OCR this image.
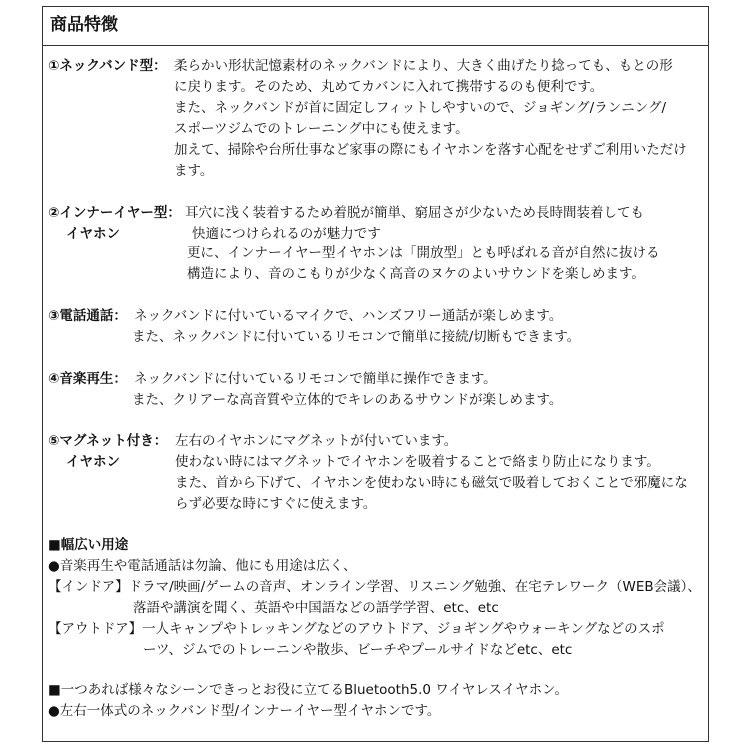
商品特徴
①ネックバンド型： 柔らかい形状記憶素材のネックバンドにより、大きく曲げたり捻っても、もとの形
に戻ります。そのため、丸めてカバンに入れて携帯するのも便利です。
また、ネックバンドが首に固定しフィットしやすいので、ジョギング/ランニング/
スポーツジムでのトレーニング中にも使えます。
加えて、掃除や台所仕事など家事の際にもイヤホンを落す心配をせずご利用いただけ
ます。
②インナーイヤー型：
イヤホン
耳穴に浅く装着するため着脱が簡単、窮屈さが少ないため長時間装着しても
快適につけられるのが魅力です
更に、インナーイヤー型イヤホンは「開放型」とも呼ばれる音が自然に抜ける
構造により、音のこもりが少なく高音のヌケのよいサウンドを楽しめます。
③電話通話： ネックバンドに付いているマイクで、ハンズフリー通話が楽しめます。
また、ネックバンドに付いているリモコンで簡単に接続/切断もできます。
④音楽再生： ネックバンドに付いているリモコンで簡単に操作できます。
また、クリアーな高音質や立体的でキレのあるサウンドが楽しめます。
⑤マグネット付き：
イヤホン
左右のイヤホンにマグネットが付いています。
使わない時にはマグネットでイヤホンを吸着することで絡まり防止になります。
また、首から下げて、イヤホンを使わない時にも磁気で吸着しておくことで邪魔にな
らず必要な時にすぐに使えます。
■幅広い用途
●音楽再生や電話通話は勿論、他にも用途は広く、
【インドア】ドラマ/映画/ゲームの音声、オンライン学習、リスニング勉強、在宅テレワーク（WEB会議）、
落語や講演を聞く、英語や中国語などの語学学習、etc、etc
【アウトドア】一人キャンプやトレッキングなどのアウトドア、ジョギングやウォーキングなどのスポ
ーツ、ジムでのトレーニンや散歩、ビーチやプールサイドなどetc、etc
■一つあれば様々なシーンできっとお役に立てるBluetooth5.0 ワイヤレスイヤホン。
●左右一体式のネックバンド型/インナーイヤー型イヤホンです。
